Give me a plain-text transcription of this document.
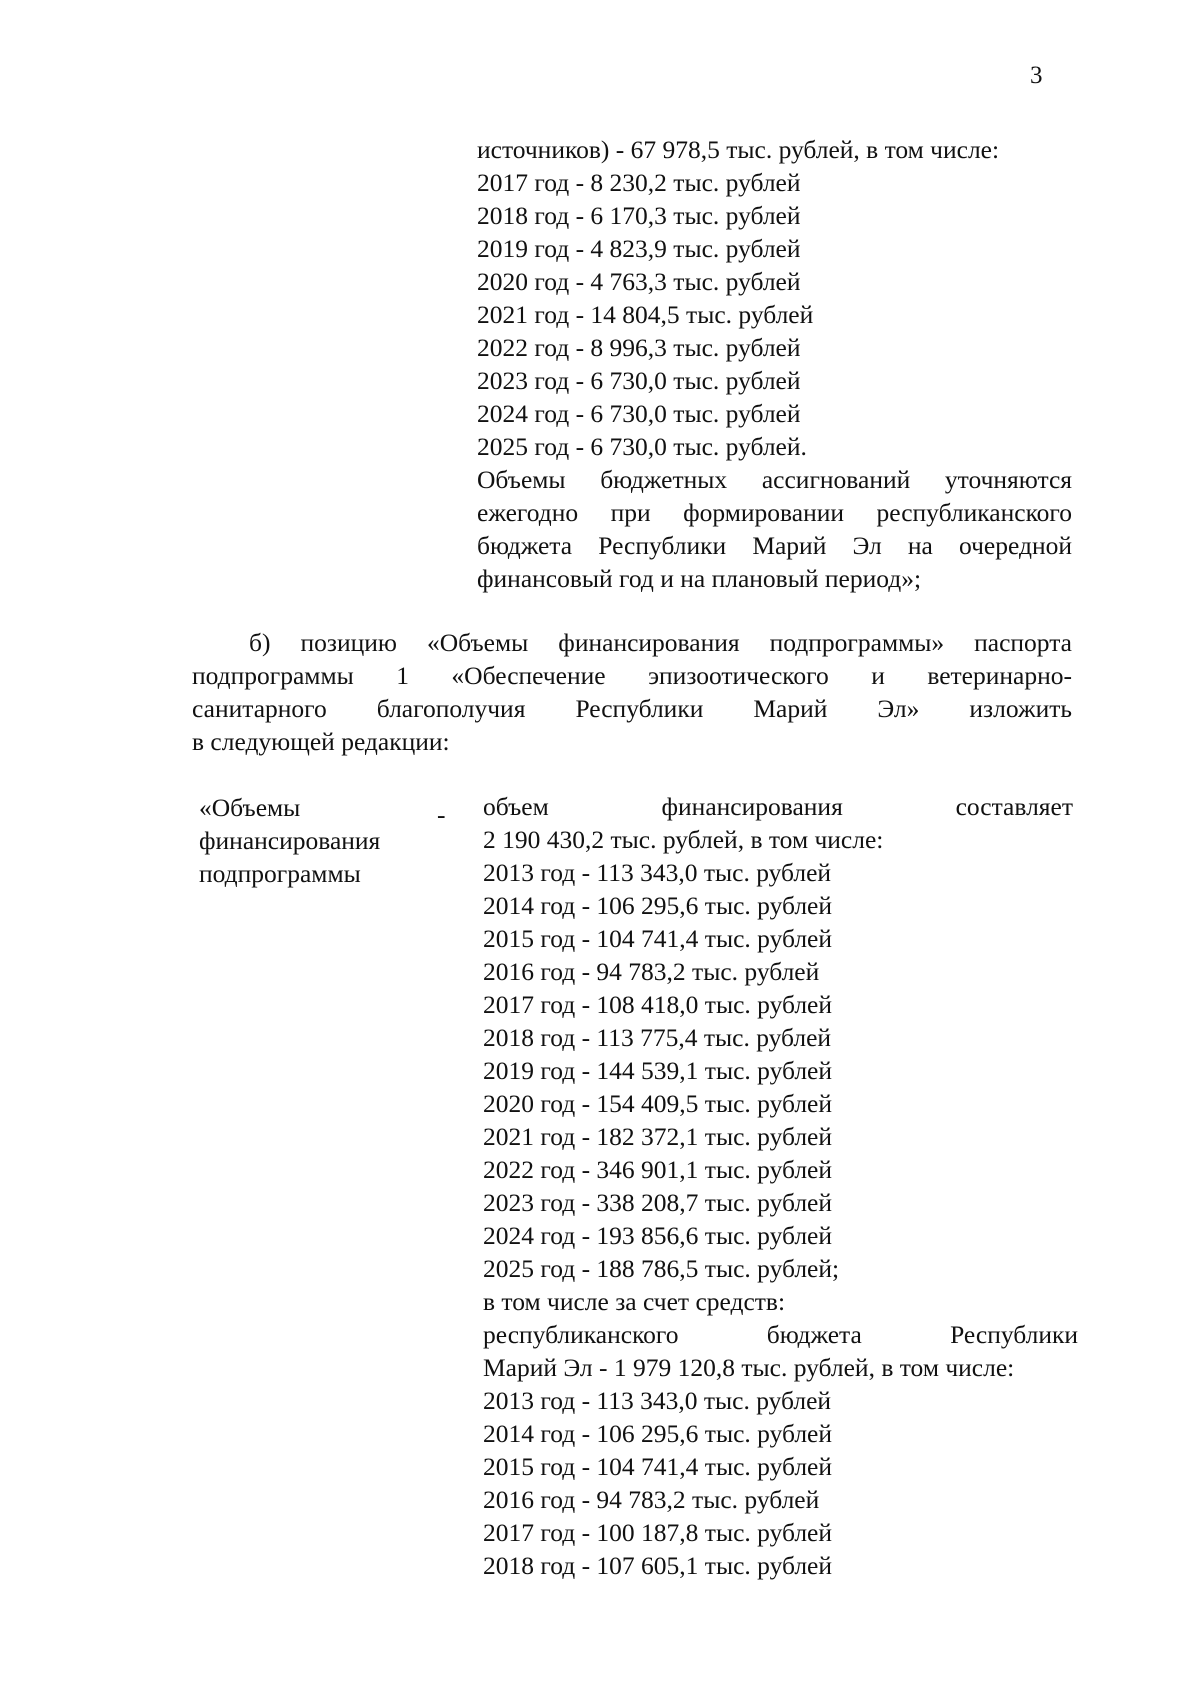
3
источников) - 67 978,5 тыс. рублей, в том числе:
2017 год - 8 230,2 тыс. рублей
2018 год - 6 170,3 тыс. рублей
2019 год - 4 823,9 тыс. рублей
2020 год - 4 763,3 тыс. рублей
2021 год - 14 804,5 тыс. рублей
2022 год - 8 996,3 тыс. рублей
2023 год - 6 730,0 тыс. рублей
2024 год - 6 730,0 тыс. рублей
2025 год - 6 730,0 тыс. рублей.
Объемы бюджетных ассигнований уточняются
ежегодно при формировании республиканского
бюджета Республики Марий Эл на очередной
финансовый год и на плановый период»;
б) позицию «Объемы финансирования подпрограммы» паспорта
подпрограммы 1 «Обеспечение эпизоотического и ветеринарно-
санитарного благополучия Республики Марий Эл» изложить
в следующей редакции:
«Объемы
финансирования
подпрограммы
- объем финансирования составляет
2 190 430,2 тыс. рублей, в том числе:
2013 год - 113 343,0 тыс. рублей
2014 год - 106 295,6 тыс. рублей
2015 год - 104 741,4 тыс. рублей
2016 год - 94 783,2 тыс. рублей
2017 год - 108 418,0 тыс. рублей
2018 год - 113 775,4 тыс. рублей
2019 год - 144 539,1 тыс. рублей
2020 год - 154 409,5 тыс. рублей
2021 год - 182 372,1 тыс. рублей
2022 год - 346 901,1 тыс. рублей
2023 год - 338 208,7 тыс. рублей
2024 год - 193 856,6 тыс. рублей
2025 год - 188 786,5 тыс. рублей;
в том числе за счет средств:
республиканского бюджета Республики
Марий Эл - 1 979 120,8 тыс. рублей, в том числе:
2013 год - 113 343,0 тыс. рублей
2014 год - 106 295,6 тыс. рублей
2015 год - 104 741,4 тыс. рублей
2016 год - 94 783,2 тыс. рублей
2017 год - 100 187,8 тыс. рублей
2018 год - 107 605,1 тыс. рублей
